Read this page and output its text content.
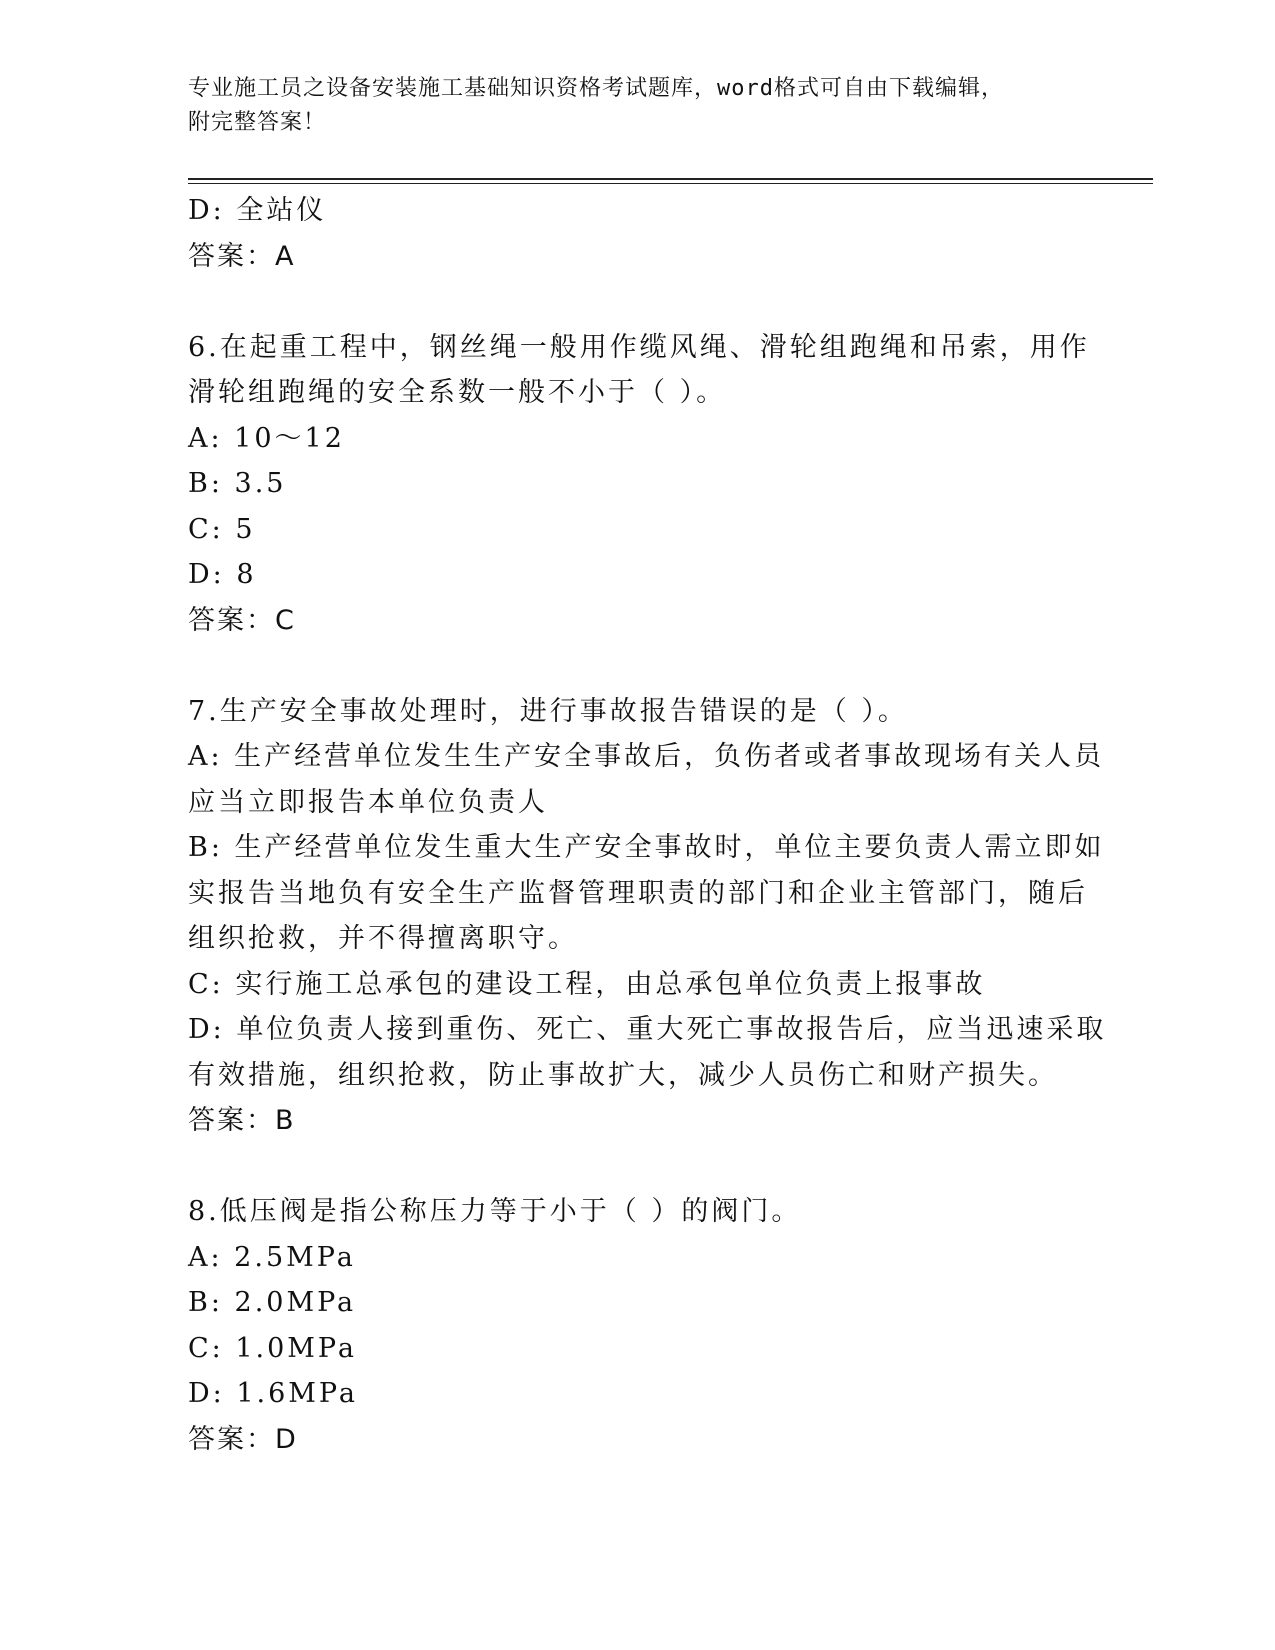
专业施工员之设备安装施工基础知识资格考试题库，word格式可自由下载编辑，
附完整答案！
D: 全站仪
答案：A
6.在起重工程中，钢丝绳一般用作缆风绳、滑轮组跑绳和吊索，用作
滑轮组跑绳的安全系数一般不小于（ ）。
A: 10～12
B: 3.5
C: 5
D: 8
答案：C
7.生产安全事故处理时，进行事故报告错误的是（ ）。
A: 生产经营单位发生生产安全事故后，负伤者或者事故现场有关人员
应当立即报告本单位负责人
B: 生产经营单位发生重大生产安全事故时，单位主要负责人需立即如
实报告当地负有安全生产监督管理职责的部门和企业主管部门，随后
组织抢救，并不得擅离职守。
C: 实行施工总承包的建设工程，由总承包单位负责上报事故
D: 单位负责人接到重伤、死亡、重大死亡事故报告后，应当迅速采取
有效措施，组织抢救，防止事故扩大，减少人员伤亡和财产损失。
答案：B
8.低压阀是指公称压力等于小于（ ）的阀门。
A: 2.5MPa
B: 2.0MPa
C: 1.0MPa
D: 1.6MPa
答案：D
